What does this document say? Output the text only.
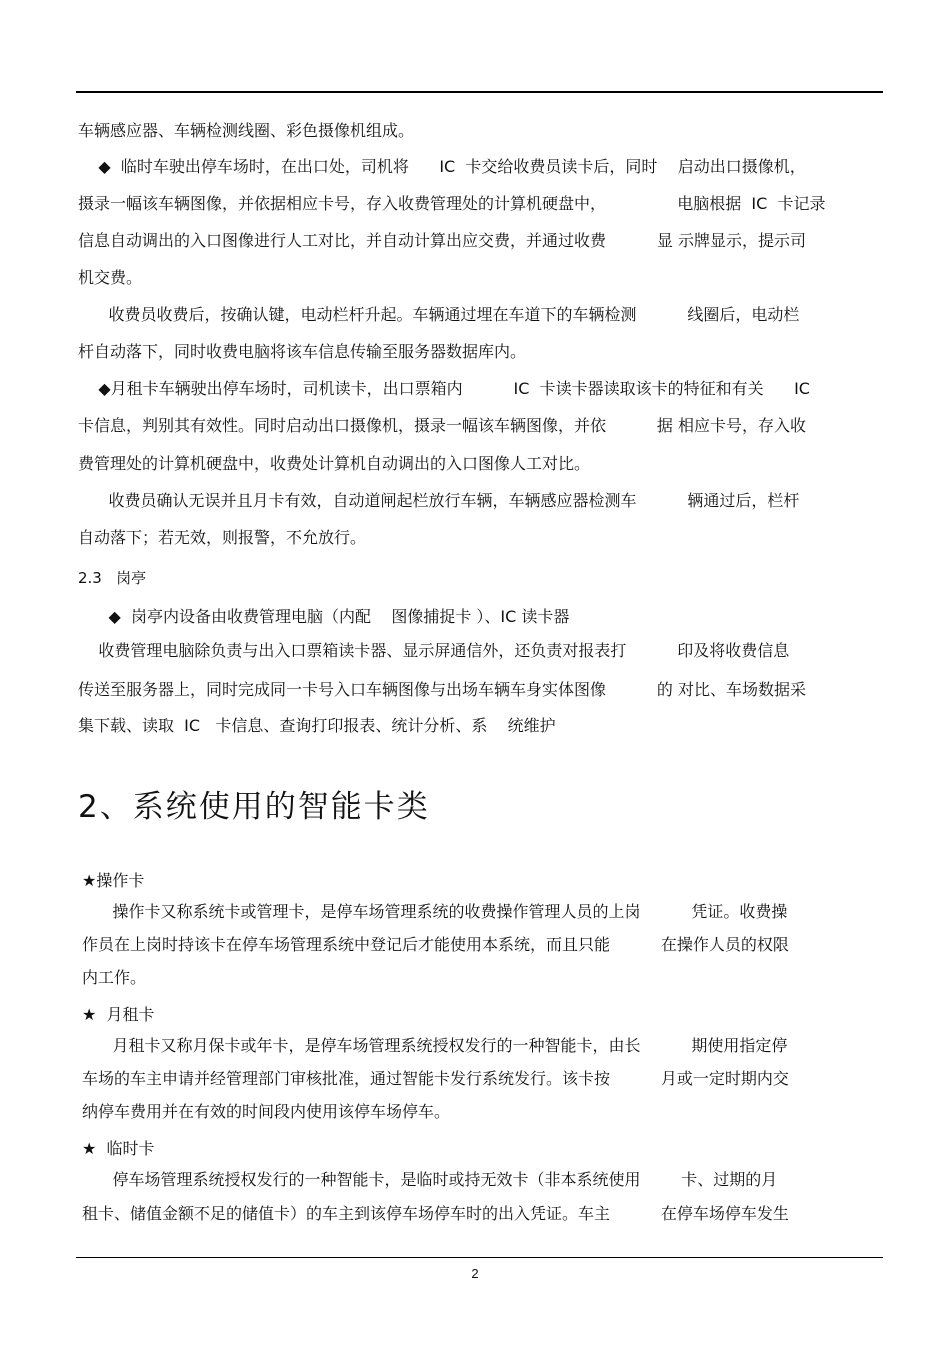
车辆感应器、车辆检测线圈、彩色摄像机组成。
◆  临时车驶出停车场时，在出口处，司机将      IC  卡交给收费员读卡后，同时    启动出口摄像机，
摄录一幅该车辆图像，并依据相应卡号，存入收费管理处的计算机硬盘中，              电脑根据  IC  卡记录
信息自动调出的入口图像进行人工对比，并自动计算出应交费，并通过收费          显 示牌显示，提示司
机交费。
收费员收费后，按确认键，电动栏杆升起。车辆通过埋在车道下的车辆检测          线圈后，电动栏
杆自动落下，同时收费电脑将该车信息传输至服务器数据库内。
◆月租卡车辆驶出停车场时，司机读卡，出口票箱内          IC  卡读卡器读取该卡的特征和有关      IC
卡信息，判别其有效性。同时启动出口摄像机，摄录一幅该车辆图像，并依          据 相应卡号，存入收
费管理处的计算机硬盘中，收费处计算机自动调出的入口图像人工对比。
收费员确认无误并且月卡有效，自动道闸起栏放行车辆，车辆感应器检测车          辆通过后，栏杆
自动落下；若无效，则报警，不允放行。
2.3   岗亭
◆  岗亭内设备由收费管理电脑（内配    图像捕捉卡 ）、IC 读卡器
收费管理电脑除负责与出入口票箱读卡器、显示屏通信外，还负责对报表打          印及将收费信息
传送至服务器上，同时完成同一卡号入口车辆图像与出场车辆车身实体图像          的 对比、车场数据采
集下载、读取  IC   卡信息、查询打印报表、统计分析、系    统维护
2、系统使用的智能卡类
★操作卡
操作卡又称系统卡或管理卡，是停车场管理系统的收费操作管理人员的上岗          凭证。收费操
作员在上岗时持该卡在停车场管理系统中登记后才能使用本系统，而且只能          在操作人员的权限
内工作。
★  月租卡
月租卡又称月保卡或年卡，是停车场管理系统授权发行的一种智能卡，由长          期使用指定停
车场的车主申请并经管理部门审核批准，通过智能卡发行系统发行。该卡按          月或一定时期内交
纳停车费用并在有效的时间段内使用该停车场停车。
★  临时卡
停车场管理系统授权发行的一种智能卡，是临时或持无效卡（非本系统使用        卡、过期的月
租卡、储值金额不足的储值卡）的车主到该停车场停车时的出入凭证。车主          在停车场停车发生
2
